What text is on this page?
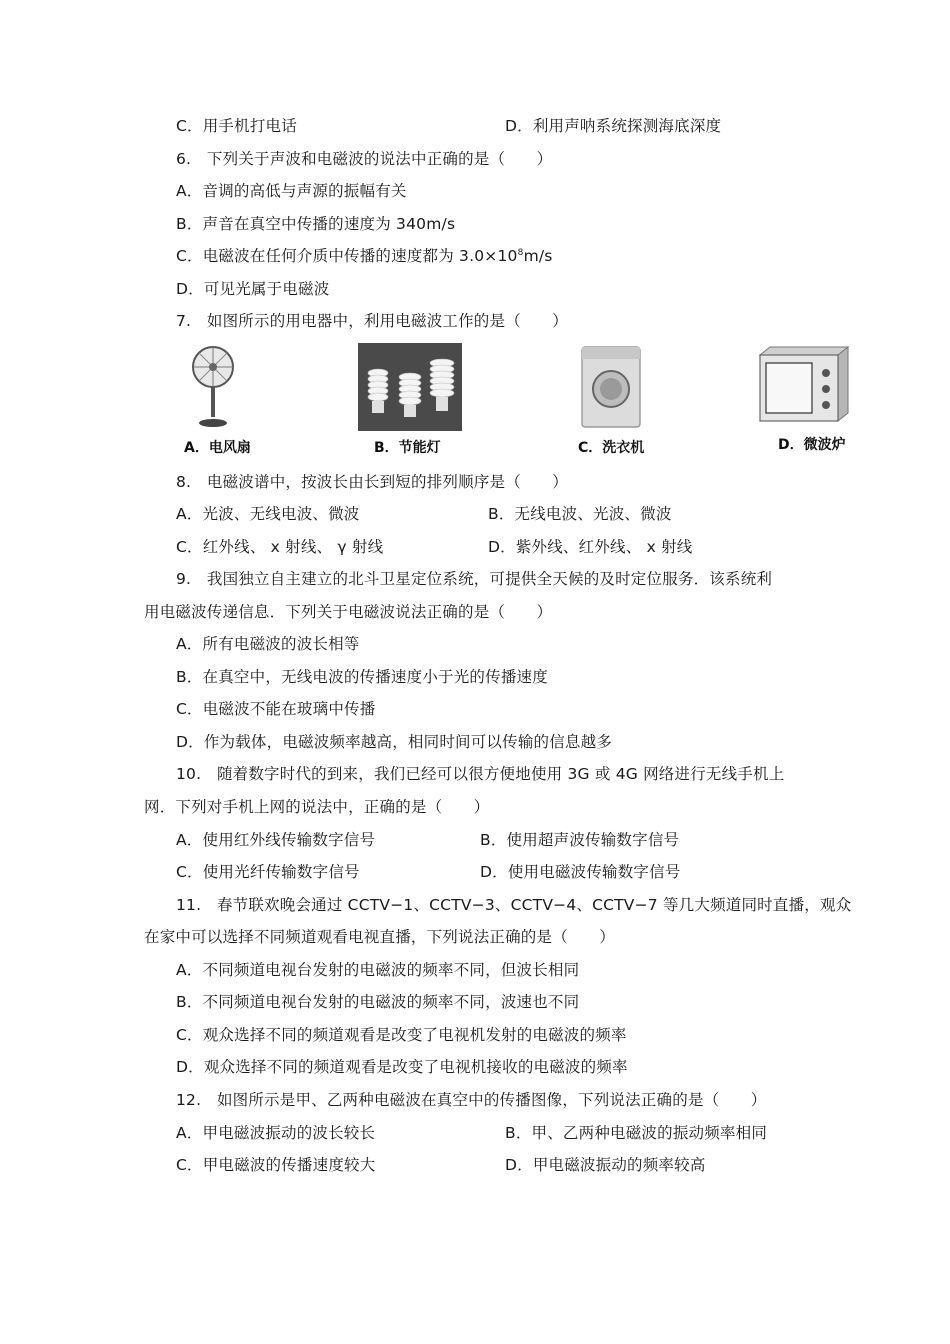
C．用手机打电话	D．利用声呐系统探测海底深度
6.　下列关于声波和电磁波的说法中正确的是（　　）
A．音调的高低与声源的振幅有关
B．声音在真空中传播的速度为 340m/s
C．电磁波在任何介质中传播的速度都为 $3.0\times 10^8m/s$
D．可见光属于电磁波
7.　如图所示的用电器中，利用电磁波工作的是（　　）
A．电风扇	B．节能灯	C．洗衣机	D．微波炉
8.　电磁波谱中，按波长由长到短的排列顺序是（　　）
A．光波、无线电波、微波	B．无线电波、光波、微波
C．红外线、 x 射线、 γ 射线	D．紫外线、红外线、 x 射线
9.　我国独立自主建立的北斗卫星定位系统，可提供全天候的及时定位服务．该系统利
用电磁波传递信息．下列关于电磁波说法正确的是（　　）
A．所有电磁波的波长相等
B．在真空中，无线电波的传播速度小于光的传播速度
C．电磁波不能在玻璃中传播
D．作为载体，电磁波频率越高，相同时间可以传输的信息越多
10.　随着数字时代的到来，我们已经可以很方便地使用 3G 或 4G 网络进行无线手机上
网．下列对手机上网的说法中，正确的是（　　）
A．使用红外线传输数字信号	B．使用超声波传输数字信号
C．使用光纤传输数字信号	D．使用电磁波传输数字信号
11.　春节联欢晚会通过 CCTV−1、CCTV−3、CCTV−4、CCTV−7 等几大频道同时直播，观众
在家中可以选择不同频道观看电视直播，下列说法正确的是（　　）
A．不同频道电视台发射的电磁波的频率不同，但波长相同
B．不同频道电视台发射的电磁波的频率不同，波速也不同
C．观众选择不同的频道观看是改变了电视机发射的电磁波的频率
D．观众选择不同的频道观看是改变了电视机接收的电磁波的频率
12.　如图所示是甲、乙两种电磁波在真空中的传播图像，下列说法正确的是（　　）
A．甲电磁波振动的波长较长	B．甲、乙两种电磁波的振动频率相同
C．甲电磁波的传播速度较大	D．甲电磁波振动的频率较高
